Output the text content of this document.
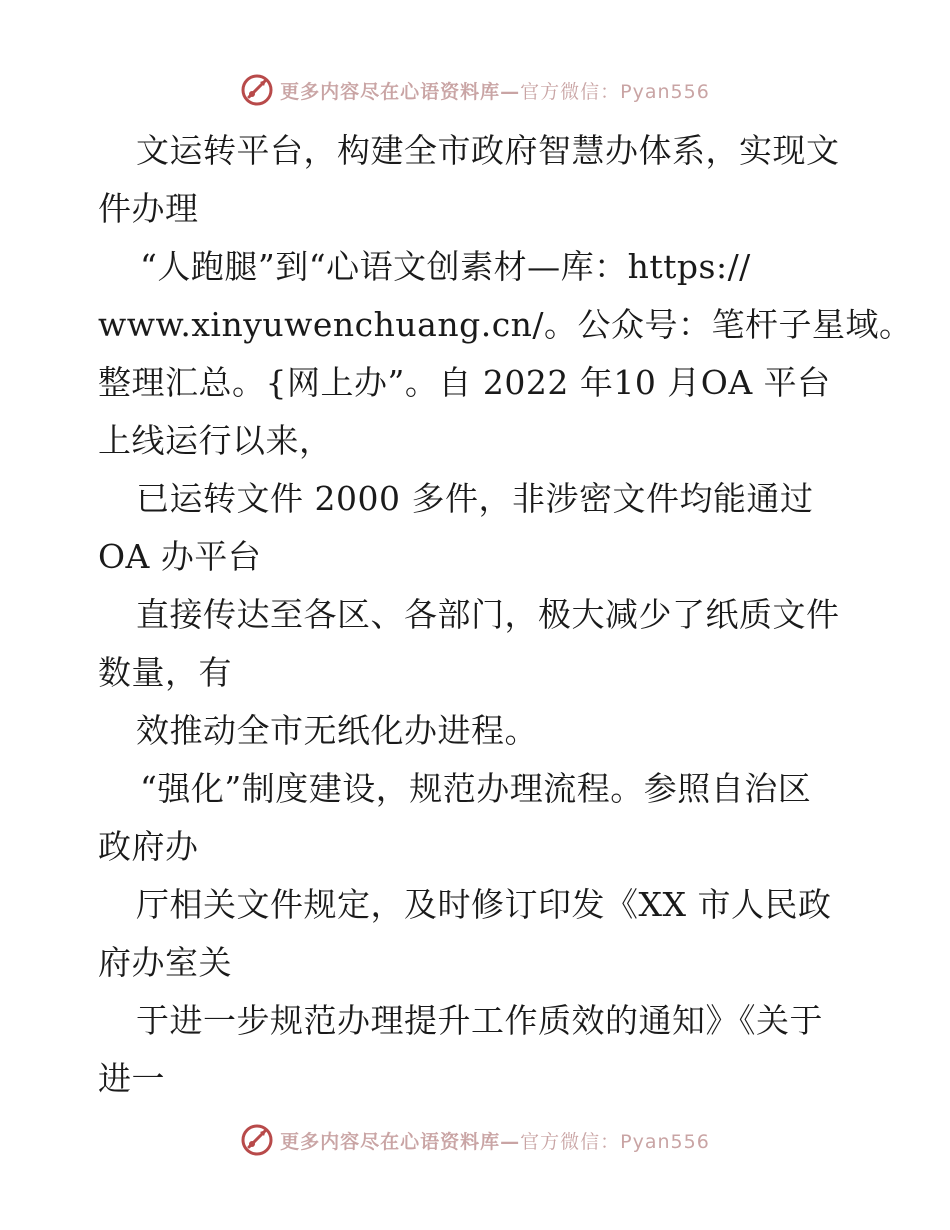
更多内容尽在心语资料库—官方微信：Pyan556
文运转平台，构建全市政府智慧办体系，实现文
件办理
“人跑腿”到“心语文创素材—库：https://
www.xinyuwenchuang.cn/。公众号：笔杆子星域。
整理汇总。{网上办”。自 2022 年10 月OA 平台
上线运行以来，
已运转文件 2000 多件，非涉密文件均能通过
OA 办平台
直接传达至各区、各部门，极大减少了纸质文件
数量，有
效推动全市无纸化办进程。
“强化”制度建设，规范办理流程。参照自治区
政府办
厅相关文件规定，及时修订印发《XX 市人民政
府办室关
于进一步规范办理提升工作质效的通知》《关于
进一
更多内容尽在心语资料库—官方微信：Pyan556
